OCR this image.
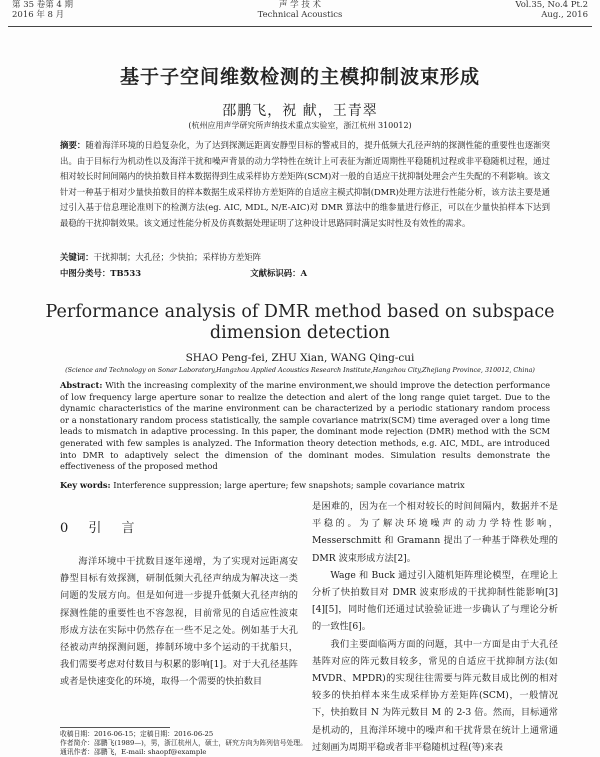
第 35 卷第 4 期
2016 年 8 月
声 学 技 术
Technical Acoustics
Vol.35, No.4 Pt.2
Aug., 2016
基于子空间维数检测的主模抑制波束形成
邵鹏飞，祝 献，王青翠
(杭州应用声学研究所声纳技术重点实验室，浙江杭州 310012)
摘要：随着海洋环境的日趋复杂化，为了达到探测远距离安静型目标的警戒目的，提升低频大孔径声纳的探测性能的重要性也逐渐突出。由于目标行为机动性以及海洋干扰和噪声背景的动力学特性在统计上可表征为渐近周期性平稳随机过程或非平稳随机过程，通过相对较长时间间隔内的快拍数目样本数据得到生成采样协方差矩阵(SCM)对一般的自适应干扰抑制处理会产生失配的不利影响。该文针对一种基于相对少量快拍数目的样本数据生成采样协方差矩阵的自适应主模式抑制(DMR)处理方法进行性能分析，该方法主要是通过引入基于信息理论准则下的检测方法(eg. AIC, MDL, N/E-AIC)对 DMR 算法中的维参量进行修正，可以在少量快拍样本下达到最稳的干扰抑制效果。该文通过性能分析及仿真数据处理证明了这种设计思路同时满足实时性及有效性的需求。
关键词：干扰抑制；大孔径；少快拍；采样协方差矩阵
中图分类号：TB533	文献标识码：A
Performance analysis of DMR method based on subspace dimension detection
SHAO Peng-fei, ZHU Xian, WANG Qing-cui
(Science and Technology on Sonar Laboratory,Hangzhou Applied Acoustics Research Institute,Hangzhou City,Zhejiang Province, 310012, China)
Abstract: With the increasing complexity of the marine environment,we should improve the detection performance of low frequency large aperture sonar to realize the detection and alert of the long range quiet target. Due to the dynamic characteristics of the marine environment can be characterized by a periodic stationary random process or a nonstationary random process statistically, the sample covariance matrix(SCM) time averaged over a long time leads to mismatch in adaptive processing. In this paper, the dominant mode rejection (DMR) method with the SCM generated with few samples is analyzed. The Information theory detection methods, e.g. AIC, MDL, are introduced into DMR to adaptively select the dimension of the dominant modes. Simulation results demonstrate the effectiveness of the proposed method
Key words: Interference suppression; large aperture; few snapshots; sample covariance matrix
0 引 言
海洋环境中干扰数目逐年递增，为了实现对远距离安静型目标有效探测，研制低频大孔径声纳成为解决这一类问题的发展方向。但是如何进一步提升低频大孔径声纳的探测性能的重要性也不容忽视，目前常见的自适应性波束形成方法在实际中仍然存在一些不足之处。例如基于大孔径被动声纳探测问题，捧制环境中多个运动的干扰船只，我们需要考虑对付数目与积累的影响[1]。对于大孔径基阵或者是快速变化的环境，取得一个需要的快拍数目

是困难的，因为在一个相对较长的时间间隔内，数据并不是平稳的。为了解决环境噪声的动力学特性影响，Messerschmitt 和 Gramann 提出了一种基于降秩处理的 DMR 波束形成方法[2]。

Wage 和 Buck 通过引入随机矩阵理论模型，在理论上分析了快拍数目对 DMR 波束形成的干扰抑制性能影响[3][4][5]，同时他们还通过试验验证进一步确认了与理论分析的一致性[6]。

我们主要面临两方面的问题，其中一方面是由于大孔径基阵对应的阵元数目较多，常见的自适应干扰抑制方法(如 MVDR、MPDR)的实现往往需要与阵元数目成比例的相对较多的快拍样本来生成采样协方差矩阵(SCM)，一般情况下，快拍数目 N 为阵元数目 M 的 2-3 倍。然而，目标通常是机动的，且海洋环境中的噪声和干扰背景在统计上通常通过刻画为周期平稳或者非平稳随机过程(等)来表

收稿日期：2016-06-15；定稿日期：2016-06-25
作者简介：邵鹏飞(1989—)，男，浙江杭州人，硕士，研究方向为阵列信号处理。
通讯作者：邵鹏飞，E-mail: shaopf@example
